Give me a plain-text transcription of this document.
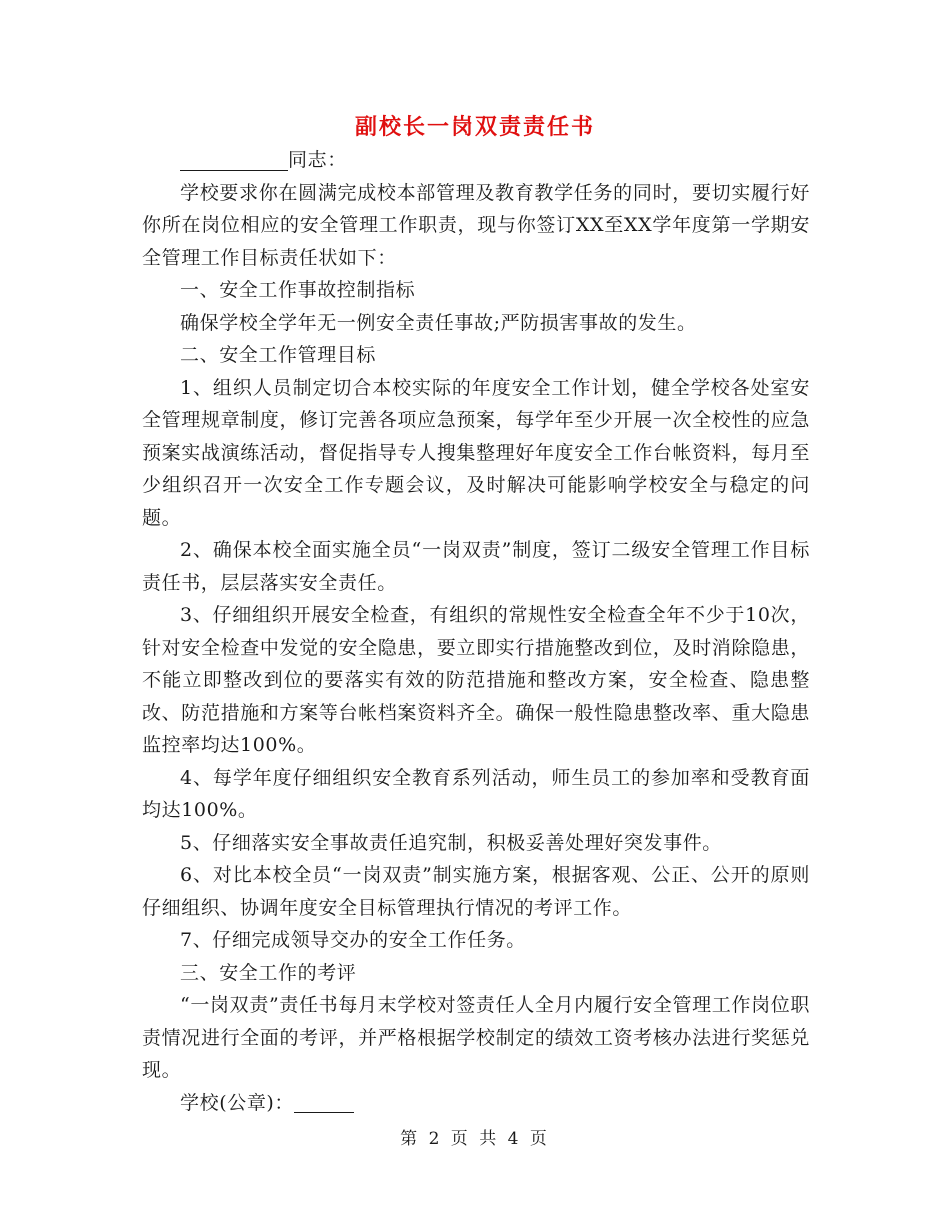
副校长一岗双责责任书

同志：

学校要求你在圆满完成校本部管理及教育教学任务的同时，要切实履行好你所在岗位相应的安全管理工作职责，现与你签订XX至XX学年度第一学期安全管理工作目标责任状如下：

一、安全工作事故控制指标

确保学校全学年无一例安全责任事故;严防损害事故的发生。

二、安全工作管理目标

1、组织人员制定切合本校实际的年度安全工作计划，健全学校各处室安全管理规章制度，修订完善各项应急预案，每学年至少开展一次全校性的应急预案实战演练活动，督促指导专人搜集整理好年度安全工作台帐资料，每月至少组织召开一次安全工作专题会议，及时解决可能影响学校安全与稳定的问题。

2、确保本校全面实施全员“一岗双责”制度，签订二级安全管理工作目标责任书，层层落实安全责任。

3、仔细组织开展安全检查，有组织的常规性安全检查全年不少于10次，针对安全检查中发觉的安全隐患，要立即实行措施整改到位，及时消除隐患，不能立即整改到位的要落实有效的防范措施和整改方案，安全检查、隐患整改、防范措施和方案等台帐档案资料齐全。确保一般性隐患整改率、重大隐患监控率均达100%。

4、每学年度仔细组织安全教育系列活动，师生员工的参加率和受教育面均达100%。

5、仔细落实安全事故责任追究制，积极妥善处理好突发事件。

6、对比本校全员“一岗双责”制实施方案，根据客观、公正、公开的原则仔细组织、协调年度安全目标管理执行情况的考评工作。

7、仔细完成领导交办的安全工作任务。

三、安全工作的考评

“一岗双责”责任书每月末学校对签责任人全月内履行安全管理工作岗位职责情况进行全面的考评，并严格根据学校制定的绩效工资考核办法进行奖惩兑现。

学校(公章)：

第 2 页 共 4 页
